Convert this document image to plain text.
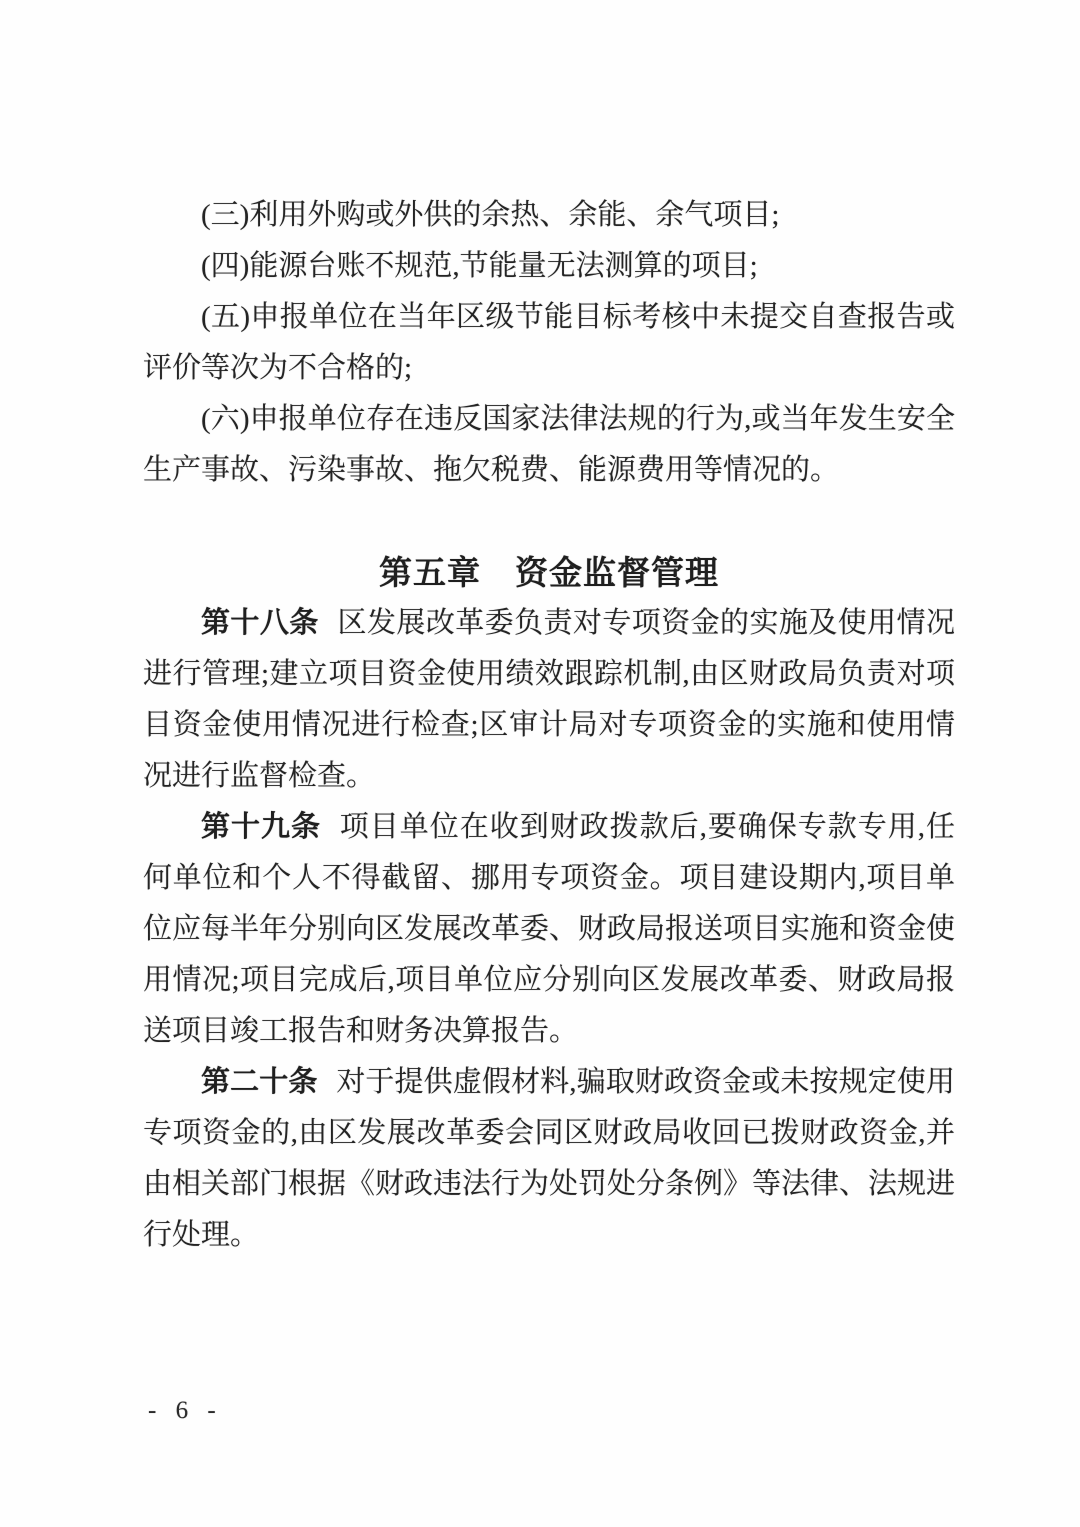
(三)利用外购或外供的余热、余能、余气项目;

(四)能源台账不规范,节能量无法测算的项目;

(五)申报单位在当年区级节能目标考核中未提交自查报告或评价等次为不合格的;

(六)申报单位存在违反国家法律法规的行为,或当年发生安全生产事故、污染事故、拖欠税费、能源费用等情况的。

第五章　资金监督管理

第十八条 区发展改革委负责对专项资金的实施及使用情况进行管理;建立项目资金使用绩效跟踪机制,由区财政局负责对项目资金使用情况进行检查;区审计局对专项资金的实施和使用情况进行监督检查。

第十九条 项目单位在收到财政拨款后,要确保专款专用,任何单位和个人不得截留、挪用专项资金。项目建设期内,项目单位应每半年分别向区发展改革委、财政局报送项目实施和资金使用情况;项目完成后,项目单位应分别向区发展改革委、财政局报送项目竣工报告和财务决算报告。

第二十条 对于提供虚假材料,骗取财政资金或未按规定使用专项资金的,由区发展改革委会同区财政局收回已拨财政资金,并由相关部门根据《财政违法行为处罚处分条例》等法律、法规进行处理。

- 6 -
